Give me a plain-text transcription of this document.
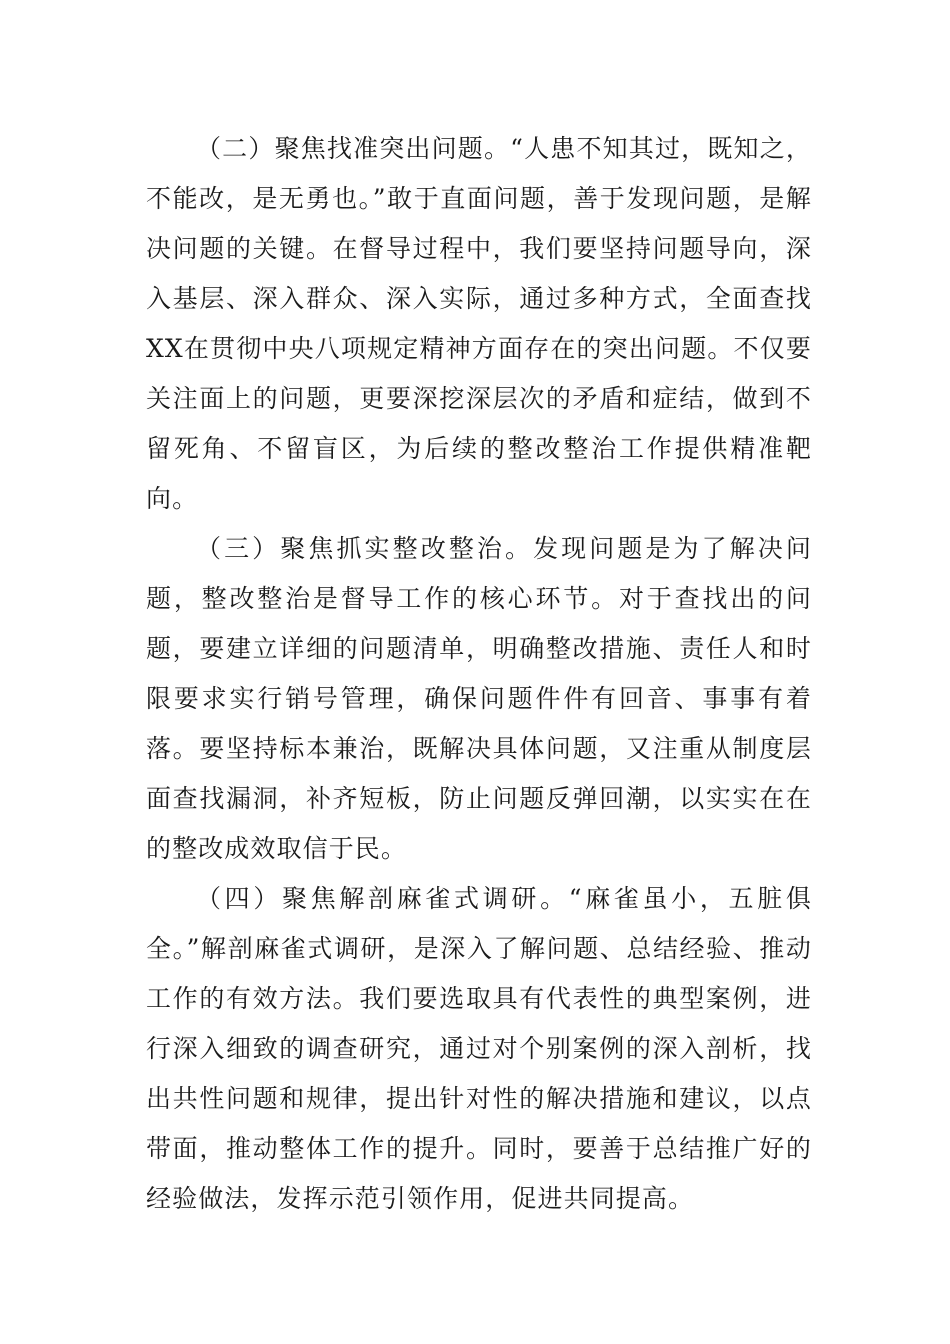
（二）聚焦找准突出问题。“人患不知其过，既知之，不能改，是无勇也。”敢于直面问题，善于发现问题，是解决问题的关键。在督导过程中，我们要坚持问题导向，深入基层、深入群众、深入实际，通过多种方式，全面查找XX在贯彻中央八项规定精神方面存在的突出问题。不仅要关注面上的问题，更要深挖深层次的矛盾和症结，做到不留死角、不留盲区，为后续的整改整治工作提供精准靶向。

（三）聚焦抓实整改整治。发现问题是为了解决问题，整改整治是督导工作的核心环节。对于查找出的问题，要建立详细的问题清单，明确整改措施、责任人和时限要求实行销号管理，确保问题件件有回音、事事有着落。要坚持标本兼治，既解决具体问题，又注重从制度层面查找漏洞，补齐短板，防止问题反弹回潮，以实实在在的整改成效取信于民。

（四）聚焦解剖麻雀式调研。“麻雀虽小，五脏俱全。”解剖麻雀式调研，是深入了解问题、总结经验、推动工作的有效方法。我们要选取具有代表性的典型案例，进行深入细致的调查研究，通过对个别案例的深入剖析，找出共性问题和规律，提出针对性的解决措施和建议，以点带面，推动整体工作的提升。同时，要善于总结推广好的经验做法，发挥示范引领作用，促进共同提高。
